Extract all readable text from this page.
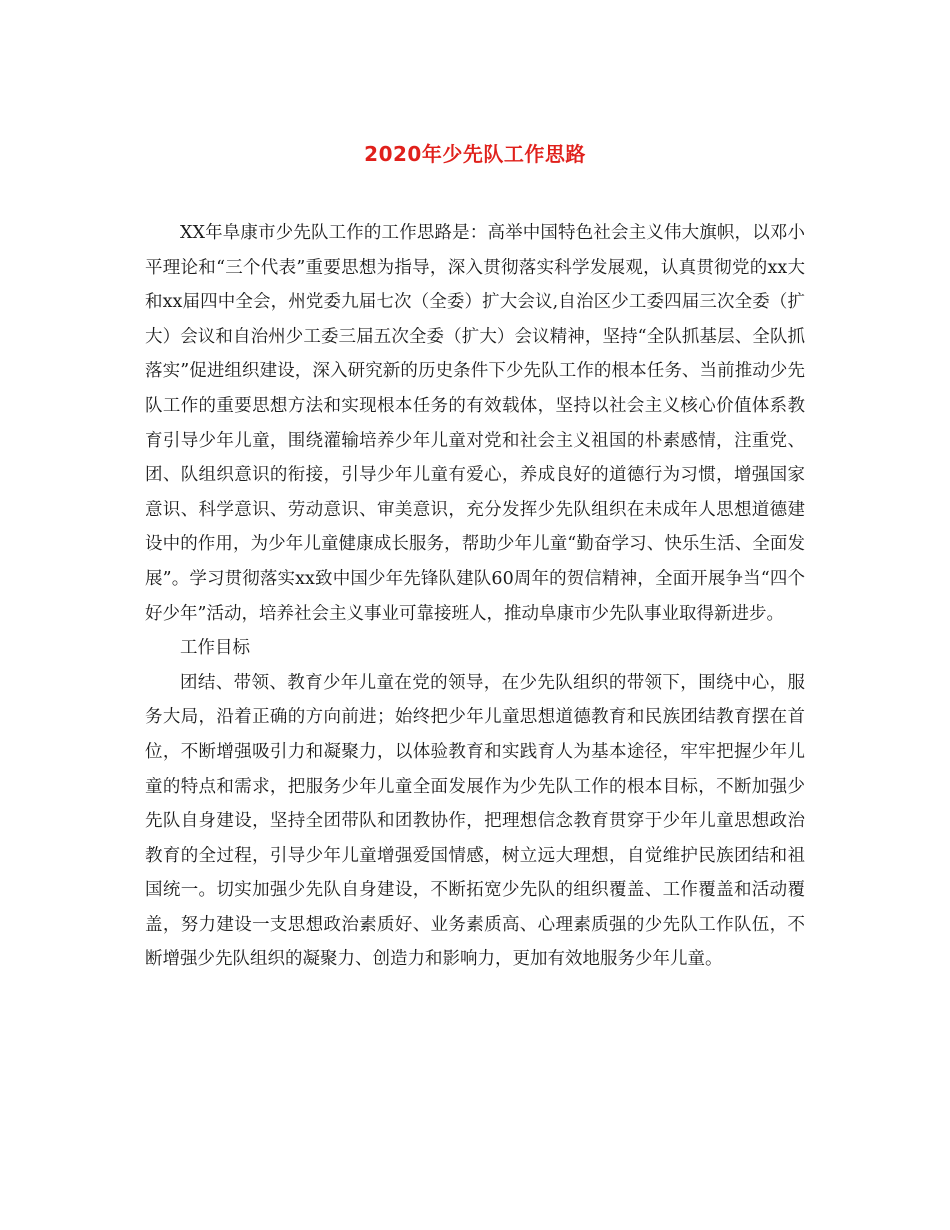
2020年少先队工作思路

XX年阜康市少先队工作的工作思路是：高举中国特色社会主义伟大旗帜，以邓小平理论和“三个代表”重要思想为指导，深入贯彻落实科学发展观，认真贯彻党的xx大和xx届四中全会，州党委九届七次（全委）扩大会议,自治区少工委四届三次全委（扩大）会议和自治州少工委三届五次全委（扩大）会议精神，坚持“全队抓基层、全队抓落实”促进组织建设，深入研究新的历史条件下少先队工作的根本任务、当前推动少先队工作的重要思想方法和实现根本任务的有效载体，坚持以社会主义核心价值体系教育引导少年儿童，围绕灌输培养少年儿童对党和社会主义祖国的朴素感情，注重党、团、队组织意识的衔接，引导少年儿童有爱心，养成良好的道德行为习惯，增强国家意识、科学意识、劳动意识、审美意识，充分发挥少先队组织在未成年人思想道德建设中的作用，为少年儿童健康成长服务，帮助少年儿童“勤奋学习、快乐生活、全面发展”。学习贯彻落实xx致中国少年先锋队建队60周年的贺信精神，全面开展争当“四个好少年”活动，培养社会主义事业可靠接班人，推动阜康市少先队事业取得新进步。

工作目标

团结、带领、教育少年儿童在党的领导，在少先队组织的带领下，围绕中心，服务大局，沿着正确的方向前进；始终把少年儿童思想道德教育和民族团结教育摆在首位，不断增强吸引力和凝聚力，以体验教育和实践育人为基本途径，牢牢把握少年儿童的特点和需求，把服务少年儿童全面发展作为少先队工作的根本目标，不断加强少先队自身建设，坚持全团带队和团教协作，把理想信念教育贯穿于少年儿童思想政治教育的全过程，引导少年儿童增强爱国情感，树立远大理想，自觉维护民族团结和祖国统一。切实加强少先队自身建设，不断拓宽少先队的组织覆盖、工作覆盖和活动覆盖，努力建设一支思想政治素质好、业务素质高、心理素质强的少先队工作队伍，不断增强少先队组织的凝聚力、创造力和影响力，更加有效地服务少年儿童。
